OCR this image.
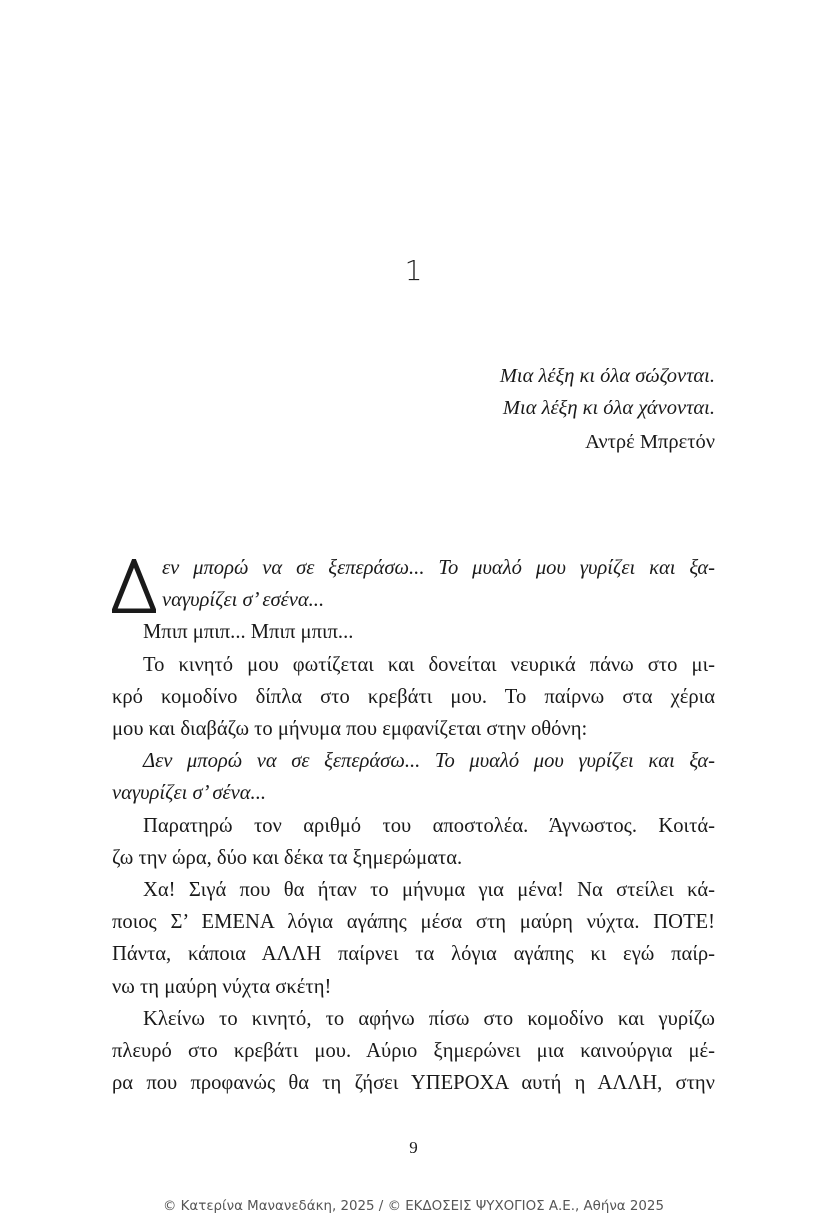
1
Μια λέξη κι όλα σώζονται.
Μια λέξη κι όλα χάνονται.
Αντρέ Μπρετόν
εν μπορώ να σε ξεπεράσω... Το μυαλό μου γυρίζει και ξα-
ναγυρίζει σ’ εσένα...
Μπιπ μπιπ... Μπιπ μπιπ...
Το κινητό μου φωτίζεται και δονείται νευρικά πάνω στο μι-
κρό κομοδίνο δίπλα στο κρεβάτι μου. Το παίρνω στα χέρια
μου και διαβάζω το μήνυμα που εμφανίζεται στην οθόνη:
Δεν μπορώ να σε ξεπεράσω... Το μυαλό μου γυρίζει και ξα-
ναγυρίζει σ’ σένα...
Παρατηρώ τον αριθμό του αποστολέα. Άγνωστος. Κοιτά-
ζω την ώρα, δύο και δέκα τα ξημερώματα.
Χα! Σιγά που θα ήταν το μήνυμα για μένα! Να στείλει κά-
ποιος Σ’ ΕΜΕΝΑ λόγια αγάπης μέσα στη μαύρη νύχτα. ΠΟΤΕ!
Πάντα, κάποια ΑΛΛΗ παίρνει τα λόγια αγάπης κι εγώ παίρ-
νω τη μαύρη νύχτα σκέτη!
Κλείνω το κινητό, το αφήνω πίσω στο κομοδίνο και γυρίζω
πλευρό στο κρεβάτι μου. Αύριο ξημερώνει μια καινούργια μέ-
ρα που προφανώς θα τη ζήσει ΥΠΕΡΟΧΑ αυτή η ΑΛΛΗ, στην
9
© Κατερίνα Μανανεδάκη, 2025 / © ΕΚΔΟΣΕΙΣ ΨΥΧΟΓΙΟΣ Α.Ε., Αθήνα 2025
